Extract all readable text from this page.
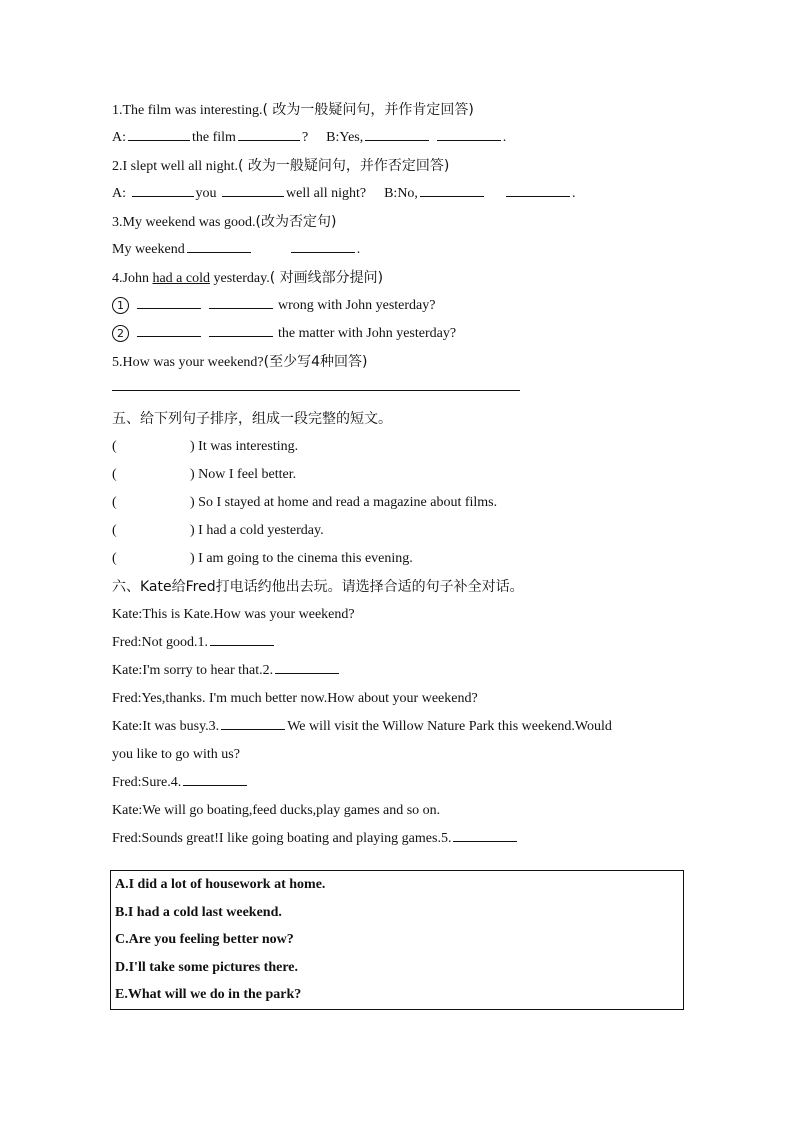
1.The film was interesting.( 改为一般疑问句，并作肯定回答)
A:	the film	? B:Yes,	.
2.I slept well all night.( 改为一般疑问句，并作否定回答)
A:	you	well all night? B:No,	.
3.My weekend was good.(改为否定句)
My weekend	.
4.John had a cold yesterday.( 对画线部分提问)
1	wrong with John yesterday?
2	the matter with John yesterday?
5.How was your weekend?(至少写4种回答)
五、给下列句子排序，组成一段完整的短文。
(	) It was interesting.
(	) Now I feel better.
(	) So I stayed at home and read a magazine about films.
(	) I had a cold yesterday.
(	) I am going to the cinema this evening.
六、Kate给Fred打电话约他出去玩。请选择合适的句子补全对话。
Kate:This is Kate.How was your weekend?
Fred:Not good.1.
Kate:I'm sorry to hear that.2.
Fred:Yes,thanks. I'm much better now.How about your weekend?
Kate:It was busy.3.	We will visit the Willow Nature Park this weekend.Would
you like to go with us?
Fred:Sure.4.
Kate:We will go boating,feed ducks,play games and so on.
Fred:Sounds great!I like going boating and playing games.5.
A.I did a lot of housework at home.
B.I had a cold last weekend.
C.Are you feeling better now?
D.I'll take some pictures there.
E.What will we do in the park?
